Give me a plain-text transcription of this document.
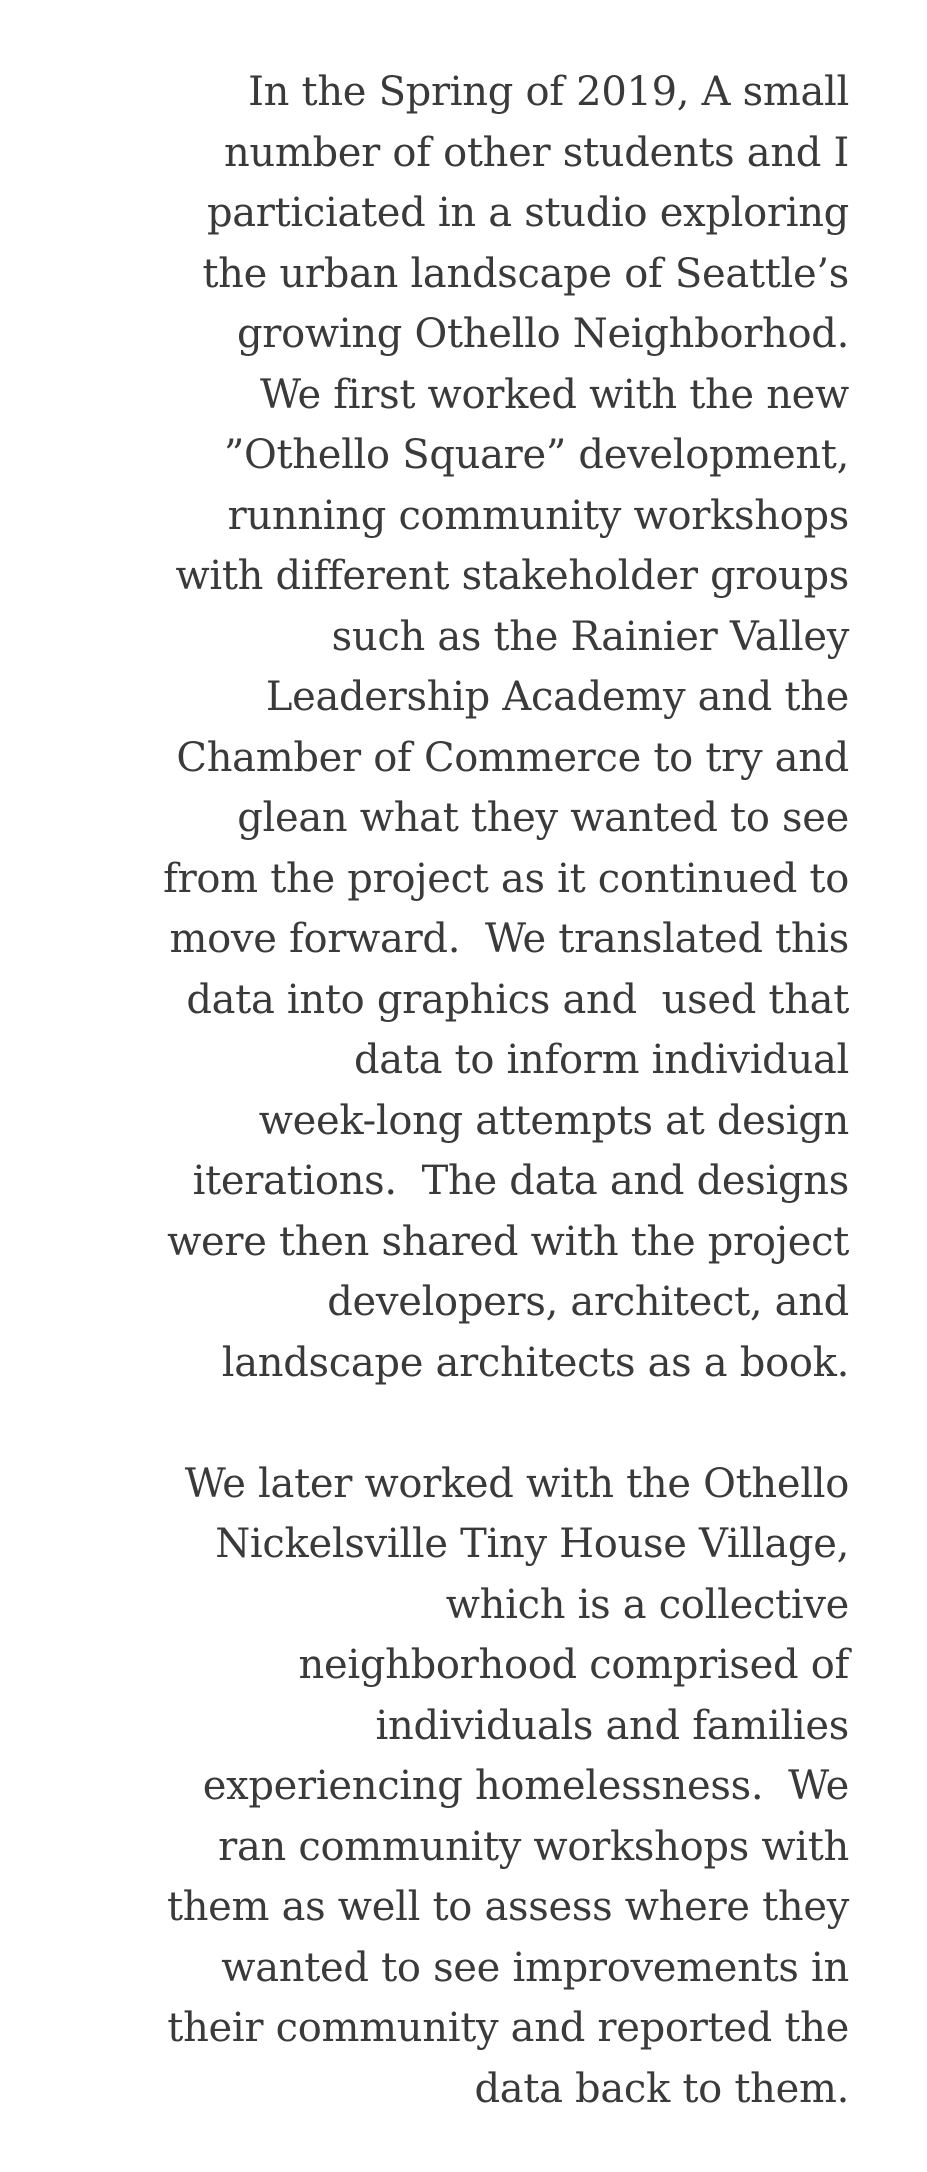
In the Spring of 2019, A small
number of other students and I
particiated in a studio exploring
the urban landscape of Seattle’s
growing Othello Neighborhod.
We first worked with the new
”Othello Square” development,
running community workshops
with different stakeholder groups
such as the Rainier Valley
Leadership Academy and the
Chamber of Commerce to try and
glean what they wanted to see
from the project as it continued to
move forward.  We translated this
data into graphics and  used that
data to inform individual
week-long attempts at design
iterations.  The data and designs
were then shared with the project
developers, architect, and
landscape architects as a book.

We later worked with the Othello
Nickelsville Tiny House Village,
which is a collective
neighborhood comprised of
individuals and families
experiencing homelessness.  We
ran community workshops with
them as well to assess where they
wanted to see improvements in
their community and reported the
data back to them.
